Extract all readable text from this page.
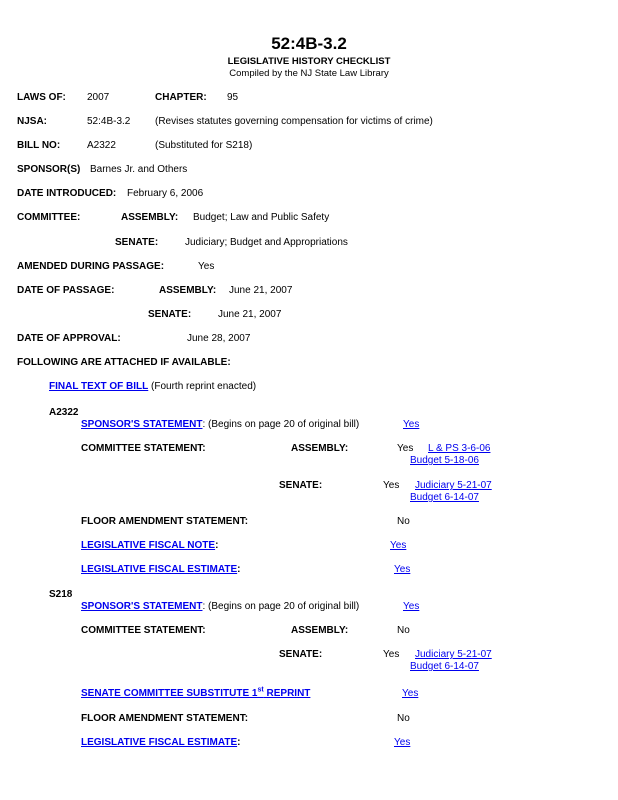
52:4B-3.2
LEGISLATIVE HISTORY CHECKLIST
Compiled by the NJ State Law Library
LAWS OF: 2007	CHAPTER: 95
NJSA:	52:4B-3.2 (Revises statutes governing compensation for victims of crime)
BILL NO:	A2322	(Substituted for S218)
SPONSOR(S) Barnes Jr. and Others
DATE INTRODUCED: February 6, 2006
COMMITTEE:	ASSEMBLY: Budget; Law and Public Safety
SENATE:	Judiciary; Budget and Appropriations
AMENDED DURING PASSAGE:	Yes
DATE OF PASSAGE:	ASSEMBLY: June 21, 2007
SENATE:	June 21, 2007
DATE OF APPROVAL:	June 28, 2007
FOLLOWING ARE ATTACHED IF AVAILABLE:
FINAL TEXT OF BILL (Fourth reprint enacted)
A2322
SPONSOR'S STATEMENT: (Begins on page 20 of original bill)	Yes
COMMITTEE STATEMENT:	ASSEMBLY:	Yes L & PS 3-6-06
Budget 5-18-06
SENATE:	Yes Judiciary 5-21-07
Budget 6-14-07
FLOOR AMENDMENT STATEMENT:	No
LEGISLATIVE FISCAL NOTE:	Yes
LEGISLATIVE FISCAL ESTIMATE:	Yes
S218
SPONSOR'S STATEMENT: (Begins on page 20 of original bill)	Yes
COMMITTEE STATEMENT:	ASSEMBLY:	No
SENATE:	Yes Judiciary 5-21-07
Budget 6-14-07
SENATE COMMITTEE SUBSTITUTE 1st REPRINT	Yes
FLOOR AMENDMENT STATEMENT:	No
LEGISLATIVE FISCAL ESTIMATE:	Yes
